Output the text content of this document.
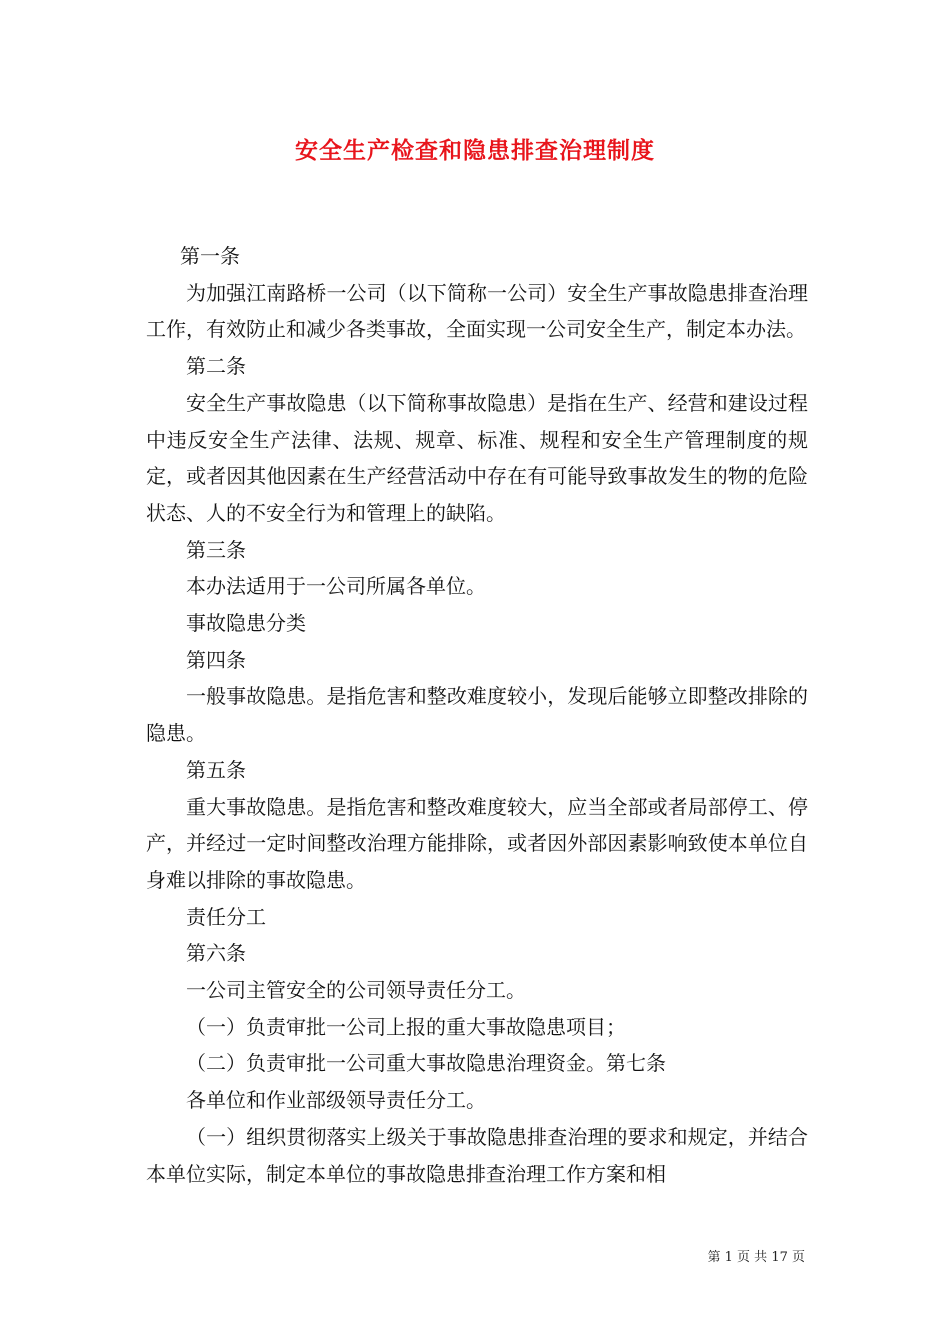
安全生产检查和隐患排查治理制度

第一条

为加强江南路桥一公司（以下简称一公司）安全生产事故隐患排查治理工作，有效防止和减少各类事故，全面实现一公司安全生产，制定本办法。

第二条

安全生产事故隐患（以下简称事故隐患）是指在生产、经营和建设过程中违反安全生产法律、法规、规章、标准、规程和安全生产管理制度的规定，或者因其他因素在生产经营活动中存在有可能导致事故发生的物的危险状态、人的不安全行为和管理上的缺陷。

第三条

本办法适用于一公司所属各单位。

事故隐患分类

第四条

一般事故隐患。是指危害和整改难度较小，发现后能够立即整改排除的隐患。

第五条

重大事故隐患。是指危害和整改难度较大，应当全部或者局部停工、停产，并经过一定时间整改治理方能排除，或者因外部因素影响致使本单位自身难以排除的事故隐患。

责任分工

第六条

一公司主管安全的公司领导责任分工。

（一）负责审批一公司上报的重大事故隐患项目；

（二）负责审批一公司重大事故隐患治理资金。第七条

各单位和作业部级领导责任分工。

（一）组织贯彻落实上级关于事故隐患排查治理的要求和规定，并结合本单位实际，制定本单位的事故隐患排查治理工作方案和相

第 1 页 共 17 页
